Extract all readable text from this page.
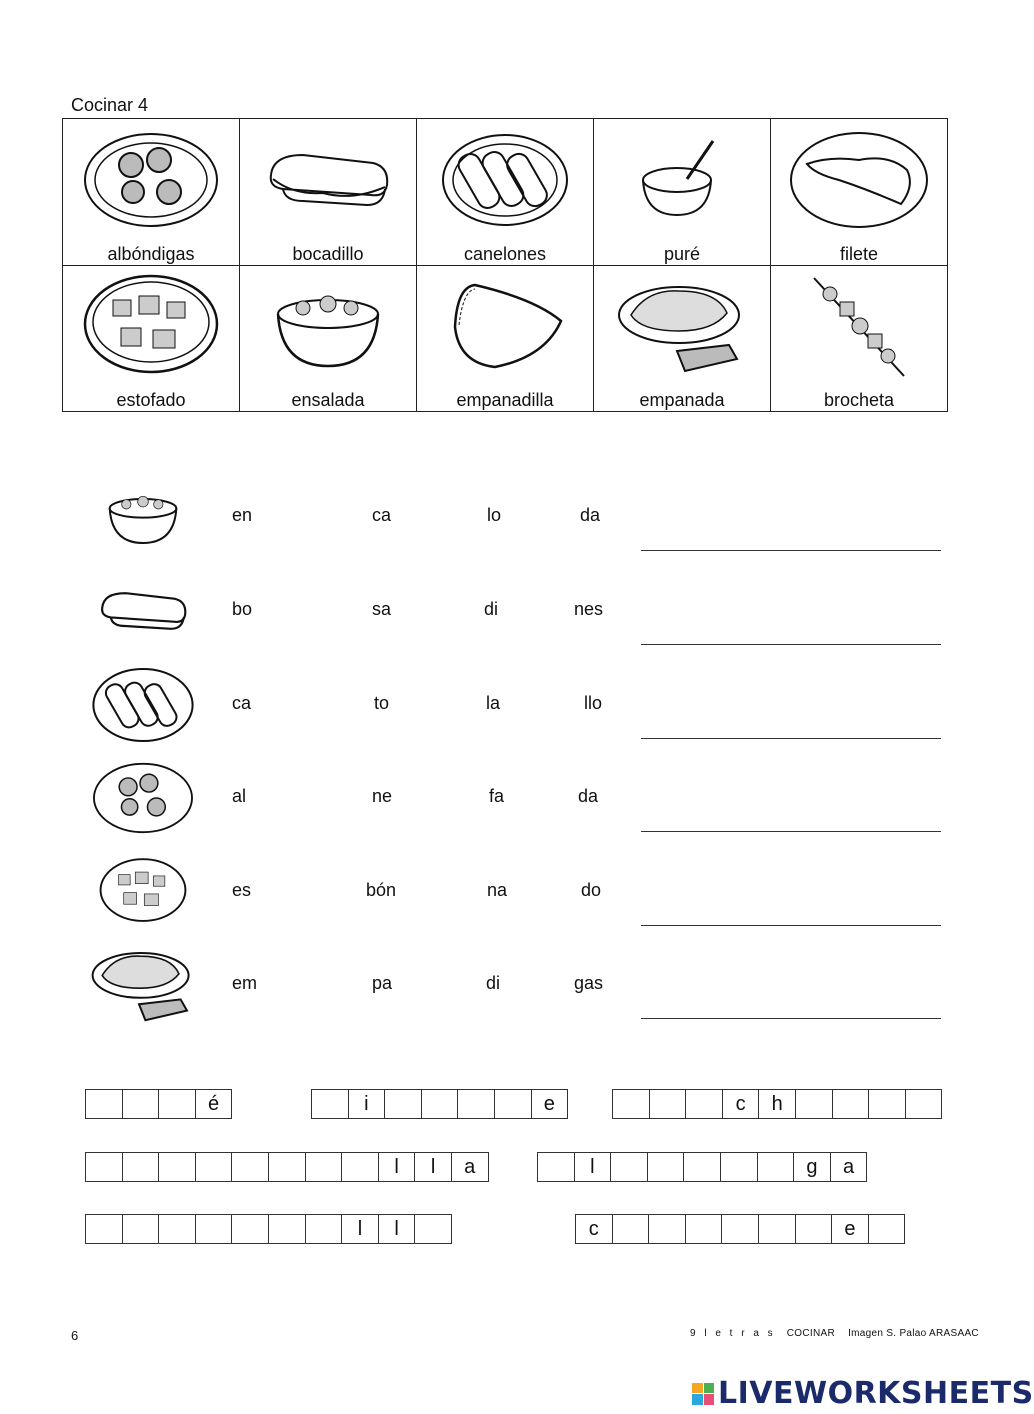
Cocinar 4
albóndigas	bocadillo	canelones	puré	filete

estofado	ensalada	empanadilla	empanada	brocheta
en	ca	lo	da
bo	sa	di	nes
ca	to	la	llo
al	ne	fa	da
es	bón	na	do
em	pa	di	gas
é	i	e	c	h
l	l	a	l	g	a
l	l	c	e
6	9 l e t r a s COCINAR Imagen S. Palao ARASAAC
LIVEWORKSHEETS
